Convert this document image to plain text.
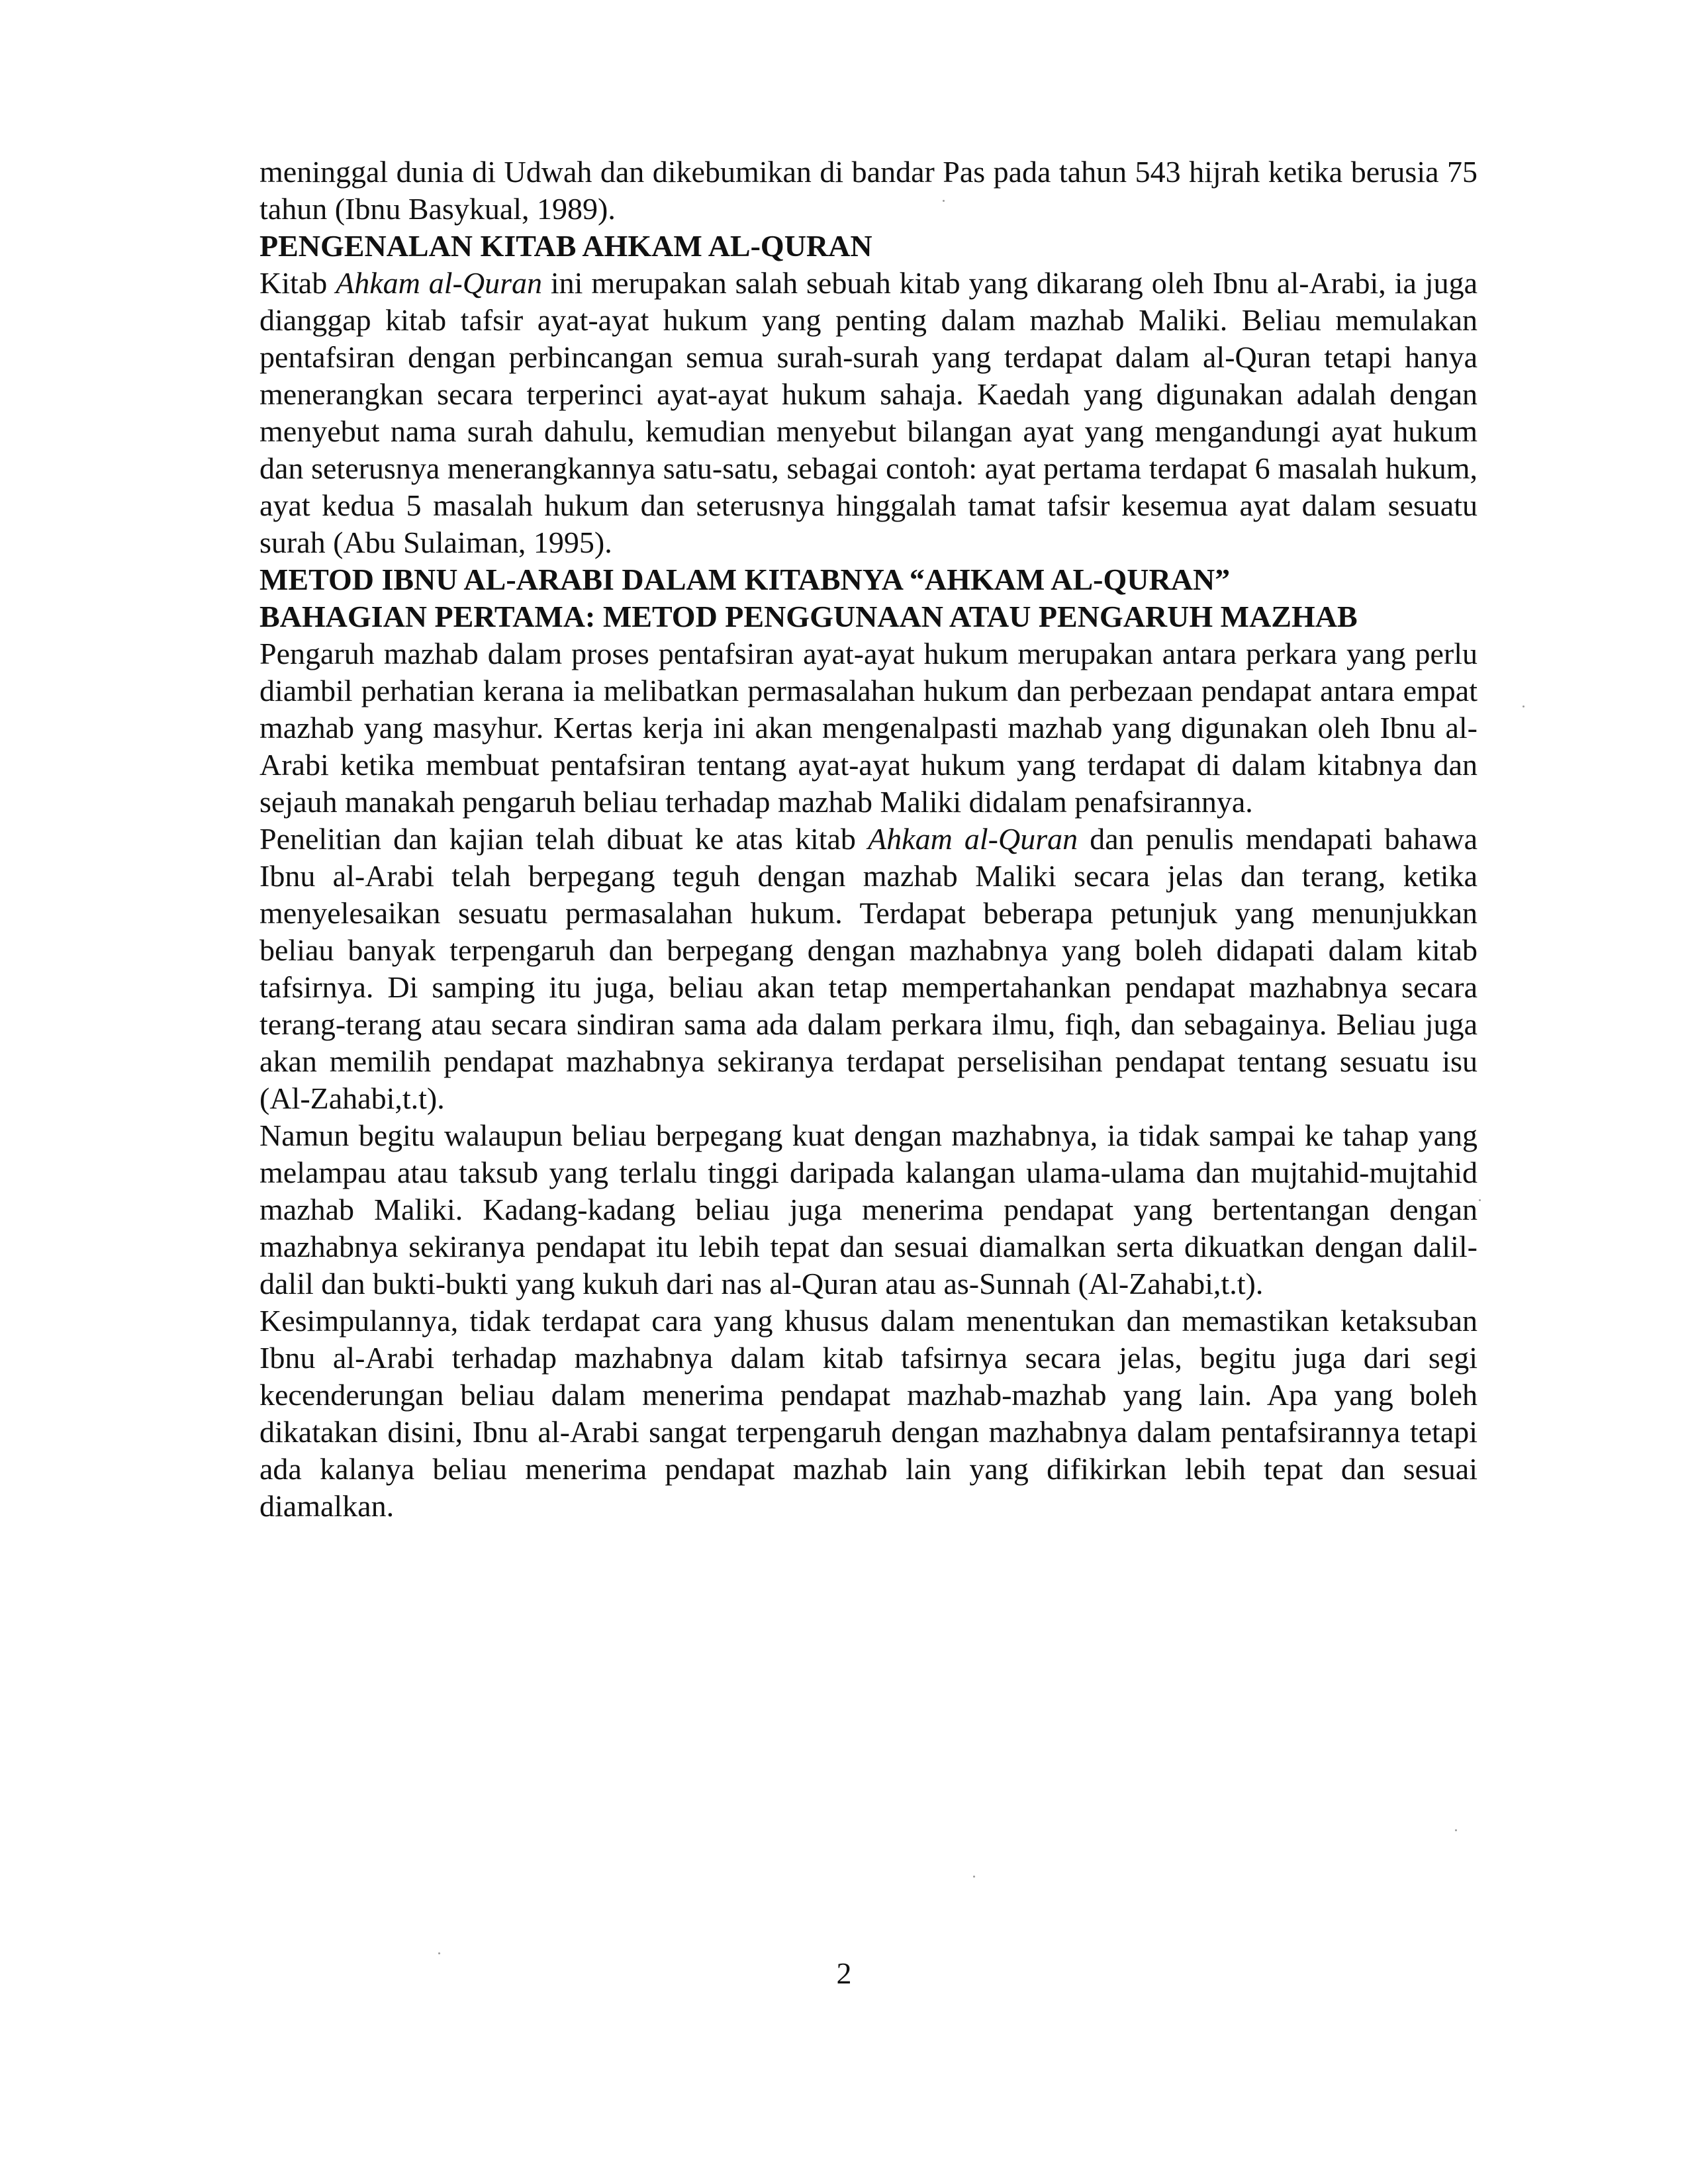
meninggal dunia di Udwah dan dikebumikan di bandar Pas pada tahun 543 hijrah ketika berusia 75 tahun (Ibnu Basykual, 1989).

PENGENALAN KITAB AHKAM AL-QURAN

Kitab Ahkam al-Quran ini merupakan salah sebuah kitab yang dikarang oleh Ibnu al-Arabi, ia juga dianggap kitab tafsir ayat-ayat hukum yang penting dalam mazhab Maliki. Beliau memulakan pentafsiran dengan perbincangan semua surah-surah yang terdapat dalam al-Quran tetapi hanya menerangkan secara terperinci ayat-ayat hukum sahaja. Kaedah yang digunakan adalah dengan menyebut nama surah dahulu, kemudian menyebut bilangan ayat yang mengandungi ayat hukum dan seterusnya menerangkannya satu-satu, sebagai contoh: ayat pertama terdapat 6 masalah hukum, ayat kedua 5 masalah hukum dan seterusnya hinggalah tamat tafsir kesemua ayat dalam sesuatu surah (Abu Sulaiman, 1995).

METOD IBNU AL-ARABI DALAM KITABNYA “AHKAM AL-QURAN”
BAHAGIAN PERTAMA: METOD PENGGUNAAN ATAU PENGARUH MAZHAB

Pengaruh mazhab dalam proses pentafsiran ayat-ayat hukum merupakan antara perkara yang perlu diambil perhatian kerana ia melibatkan permasalahan hukum dan perbezaan pendapat antara empat mazhab yang masyhur. Kertas kerja ini akan mengenalpasti mazhab yang digunakan oleh Ibnu al-Arabi ketika membuat pentafsiran tentang ayat-ayat hukum yang terdapat di dalam kitabnya dan sejauh manakah pengaruh beliau terhadap mazhab Maliki didalam penafsirannya.

Penelitian dan kajian telah dibuat ke atas kitab Ahkam al-Quran dan penulis mendapati bahawa Ibnu al-Arabi telah berpegang teguh dengan mazhab Maliki secara jelas dan terang, ketika menyelesaikan sesuatu permasalahan hukum. Terdapat beberapa petunjuk yang menunjukkan beliau banyak terpengaruh dan berpegang dengan mazhabnya yang boleh didapati dalam kitab tafsirnya. Di samping itu juga, beliau akan tetap mempertahankan pendapat mazhabnya secara terang-terang atau secara sindiran sama ada dalam perkara ilmu, fiqh, dan sebagainya. Beliau juga akan memilih pendapat mazhabnya sekiranya terdapat perselisihan pendapat tentang sesuatu isu (Al-Zahabi,t.t).

Namun begitu walaupun beliau berpegang kuat dengan mazhabnya, ia tidak sampai ke tahap yang melampau atau taksub yang terlalu tinggi daripada kalangan ulama-ulama dan mujtahid-mujtahid mazhab Maliki. Kadang-kadang beliau juga menerima pendapat yang bertentangan dengan mazhabnya sekiranya pendapat itu lebih tepat dan sesuai diamalkan serta dikuatkan dengan dalil-dalil dan bukti-bukti yang kukuh dari nas al-Quran atau as-Sunnah (Al-Zahabi,t.t).

Kesimpulannya, tidak terdapat cara yang khusus dalam menentukan dan memastikan ketaksuban Ibnu al-Arabi terhadap mazhabnya dalam kitab tafsirnya secara jelas, begitu juga dari segi kecenderungan beliau dalam menerima pendapat mazhab-mazhab yang lain. Apa yang boleh dikatakan disini, Ibnu al-Arabi sangat terpengaruh dengan mazhabnya dalam pentafsirannya tetapi ada kalanya beliau menerima pendapat mazhab lain yang difikirkan lebih tepat dan sesuai diamalkan.

2
